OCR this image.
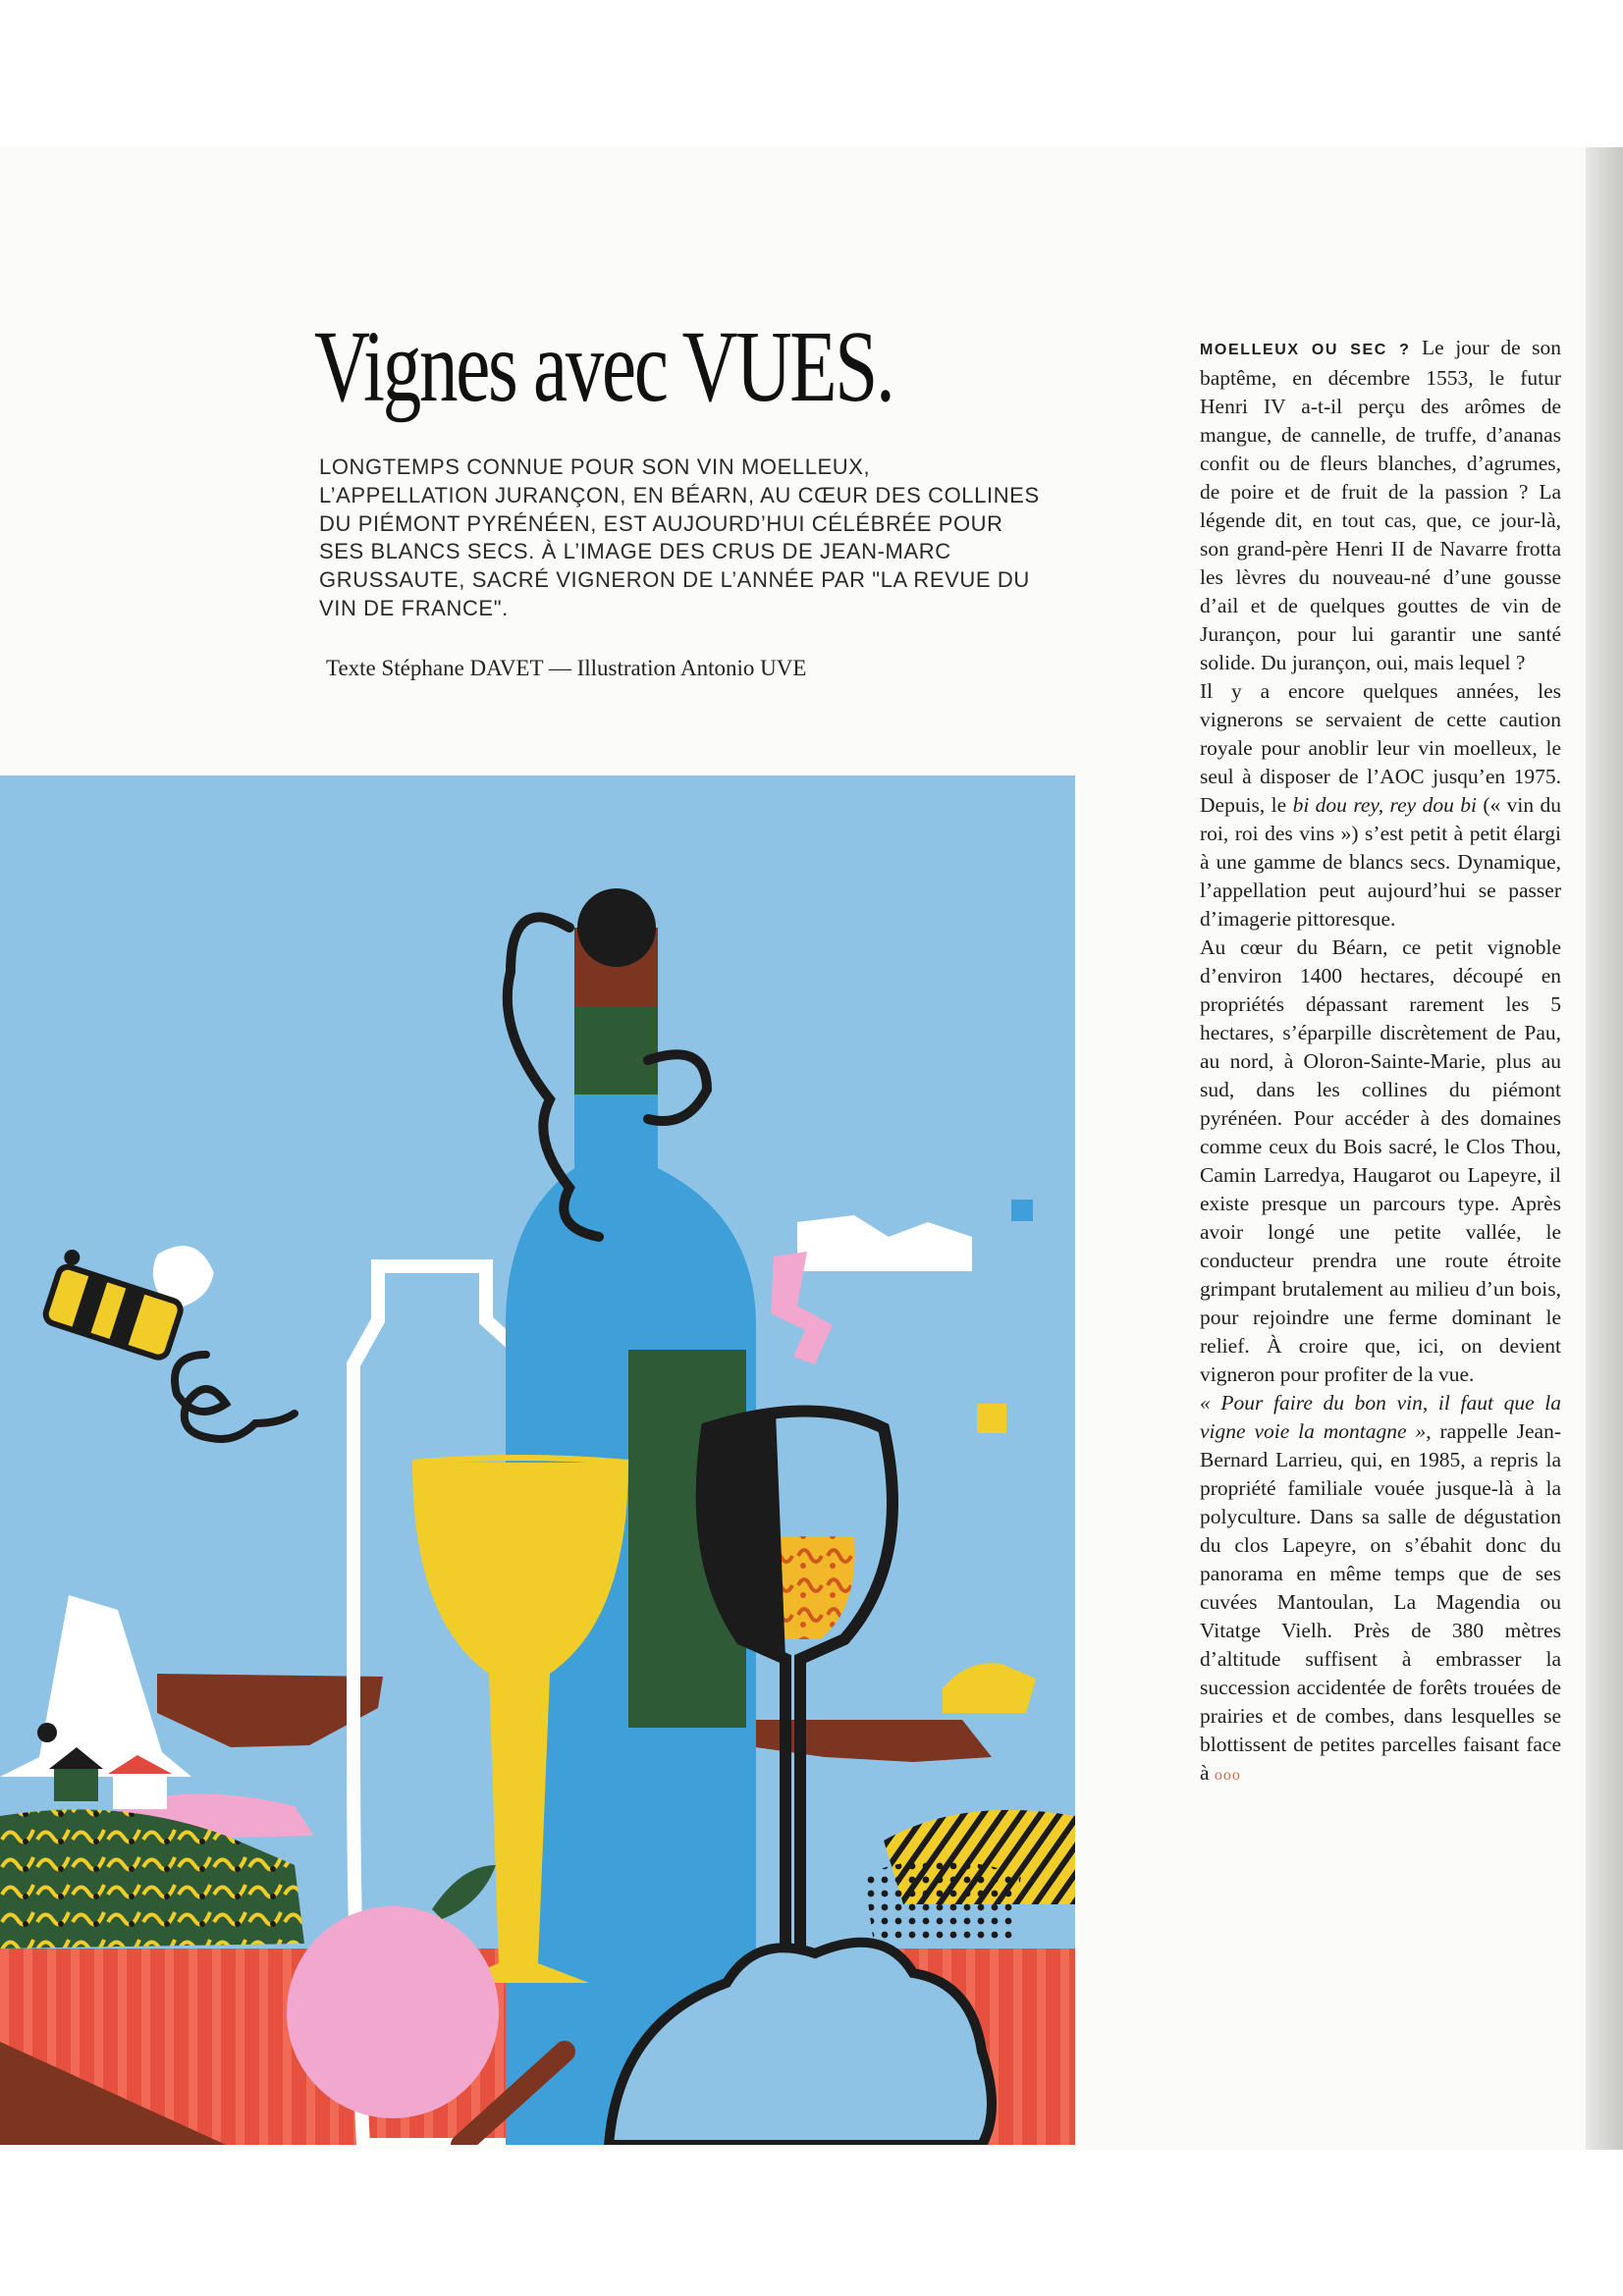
Vignes avec VUES.

LONGTEMPS CONNUE POUR SON VIN MOELLEUX, L’APPELLATION JURANÇON, EN BÉARN, AU CŒUR DES COLLINES DU PIÉMONT PYRÉNÉEN, EST AUJOURD’HUI CÉLÉBRÉE POUR SES BLANCS SECS. À L’IMAGE DES CRUS DE JEAN-MARC GRUSSAUTE, SACRÉ VIGNERON DE L’ANNÉE PAR "LA REVUE DU VIN DE FRANCE".

Texte Stéphane DAVET — Illustration Antonio UVE

MOELLEUX OU SEC ? Le jour de son baptême, en décembre 1553, le futur Henri IV a-t-il perçu des arômes de mangue, de cannelle, de truffe, d’ananas confit ou de fleurs blanches, d’agrumes, de poire et de fruit de la passion ? La légende dit, en tout cas, que, ce jour-là, son grand-père Henri II de Navarre frotta les lèvres du nouveau-né d’une gousse d’ail et de quelques gouttes de vin de Jurançon, pour lui garantir une santé solide. Du jurançon, oui, mais lequel ?

Il y a encore quelques années, les vignerons se servaient de cette caution royale pour anoblir leur vin moelleux, le seul à disposer de l’AOC jusqu’en 1975. Depuis, le bi dou rey, rey dou bi (« vin du roi, roi des vins ») s’est petit à petit élargi à une gamme de blancs secs. Dynamique, l’appellation peut aujourd’hui se passer d’imagerie pittoresque.

Au cœur du Béarn, ce petit vignoble d’environ 1400 hectares, découpé en propriétés dépassant rarement les 5 hectares, s’éparpille discrètement de Pau, au nord, à Oloron-Sainte-Marie, plus au sud, dans les collines du piémont pyrénéen. Pour accéder à des domaines comme ceux du Bois sacré, le Clos Thou, Camin Larredya, Haugarot ou Lapeyre, il existe presque un parcours type. Après avoir longé une petite vallée, le conducteur prendra une route étroite grimpant brutalement au milieu d’un bois, pour rejoindre une ferme dominant le relief. À croire que, ici, on devient vigneron pour profiter de la vue.

« Pour faire du bon vin, il faut que la vigne voie la montagne », rappelle Jean-Bernard Larrieu, qui, en 1985, a repris la propriété familiale vouée jusque-là à la polyculture. Dans sa salle de dégustation du clos Lapeyre, on s’ébahit donc du panorama en même temps que de ses cuvées Mantoulan, La Magendia ou Vitatge Vielh. Près de 380 mètres d’altitude suffisent à embrasser la succession accidentée de forêts trouées de prairies et de combes, dans lesquelles se blottissent de petites parcelles faisant face à ooo
